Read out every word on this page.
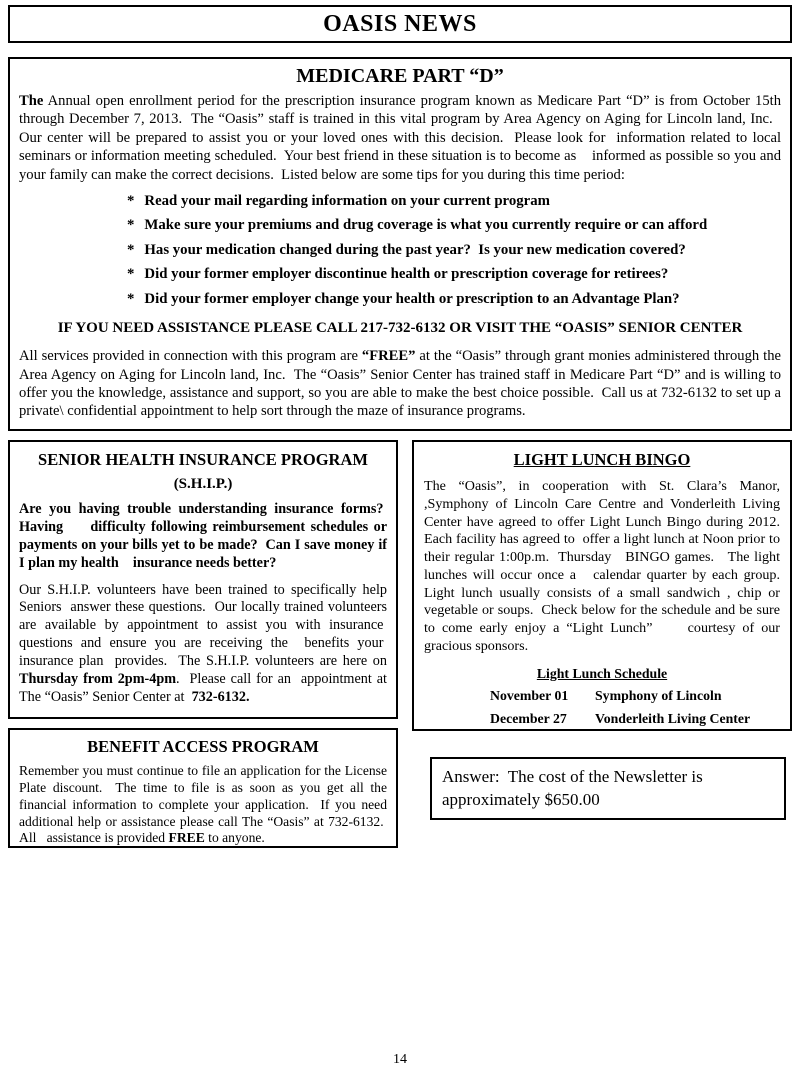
OASIS NEWS
MEDICARE PART “D”

The Annual open enrollment period for the prescription insurance program known as Medicare Part “D” is from October 15th through December 7, 2013.  The “Oasis” staff is trained in this vital program by Area Agency on Aging for Lincoln land, Inc.   Our center will be prepared to assist you or your loved ones with this decision.  Please look for  information related to local seminars or information meeting scheduled.  Your best friend in these situation is to become as    informed as possible so you and your family can make the correct decisions.  Listed below are some tips for you during this time period:

* Read your mail regarding information on your current program
* Make sure your premiums and drug coverage is what you currently require or can afford
* Has your medication changed during the past year?  Is your new medication covered?
* Did your former employer discontinue health or prescription coverage for retirees?
* Did your former employer change your health or prescription to an Advantage Plan?
IF YOU NEED ASSISTANCE PLEASE CALL 217-732-6132 OR VISIT THE “OASIS” SENIOR CENTER

All services provided in connection with this program are “FREE” at the “Oasis” through grant monies administered through the Area Agency on Aging for Lincoln land, Inc.  The “Oasis” Senior Center has trained staff in Medicare Part “D” and is willing to offer you the knowledge, assistance and support, so you are able to make the best choice possible.  Call us at 732-6132 to set up a private\ confidential appointment to help sort through the maze of insurance programs.

SENIOR HEALTH INSURANCE PROGRAM
(S.H.I.P.)

Are you having trouble understanding insurance forms?  Having     difficulty following reimbursement schedules or payments on your bills yet to be made?  Can I save money if I plan my health    insurance needs better?

Our S.H.I.P. volunteers have been trained to specifically help Seniors  answer these questions.  Our locally trained volunteers are available by appointment to assist you with insurance  questions and ensure you are receiving the  benefits your  insurance plan  provides.  The S.H.I.P. volunteers are here on Thursday from 2pm-4pm.  Please call for an  appointment at The “Oasis” Senior Center at  732-6132.

BENEFIT ACCESS PROGRAM

Remember you must continue to file an application for the License Plate discount.  The time to file is as soon as you get all the financial information to complete your application.  If you need additional help or assistance please call The “Oasis” at 732-6132.  All   assistance is provided FREE to anyone.

LIGHT LUNCH BINGO

The  “Oasis”,  in  cooperation  with  St.  Clara’s  Manor, ,Symphony of Lincoln Care Centre and Vonderleith Living Center have agreed to offer Light Lunch Bingo during 2012. Each facility has agreed to  offer a light lunch at Noon prior to their regular 1:00p.m.  Thursday   BINGO games.   The light lunches will occur once a   calendar quarter by each group. Light lunch usually consists of a small sandwich , chip or vegetable or soups.  Check below for the schedule and be sure to come early enjoy a “Light Lunch”     courtesy of our gracious sponsors.

Light Lunch Schedule
November 01	Symphony of Lincoln
December 27	Vonderleith Living Center

Answer:  The cost of the Newsletter is approximately $650.00

14
